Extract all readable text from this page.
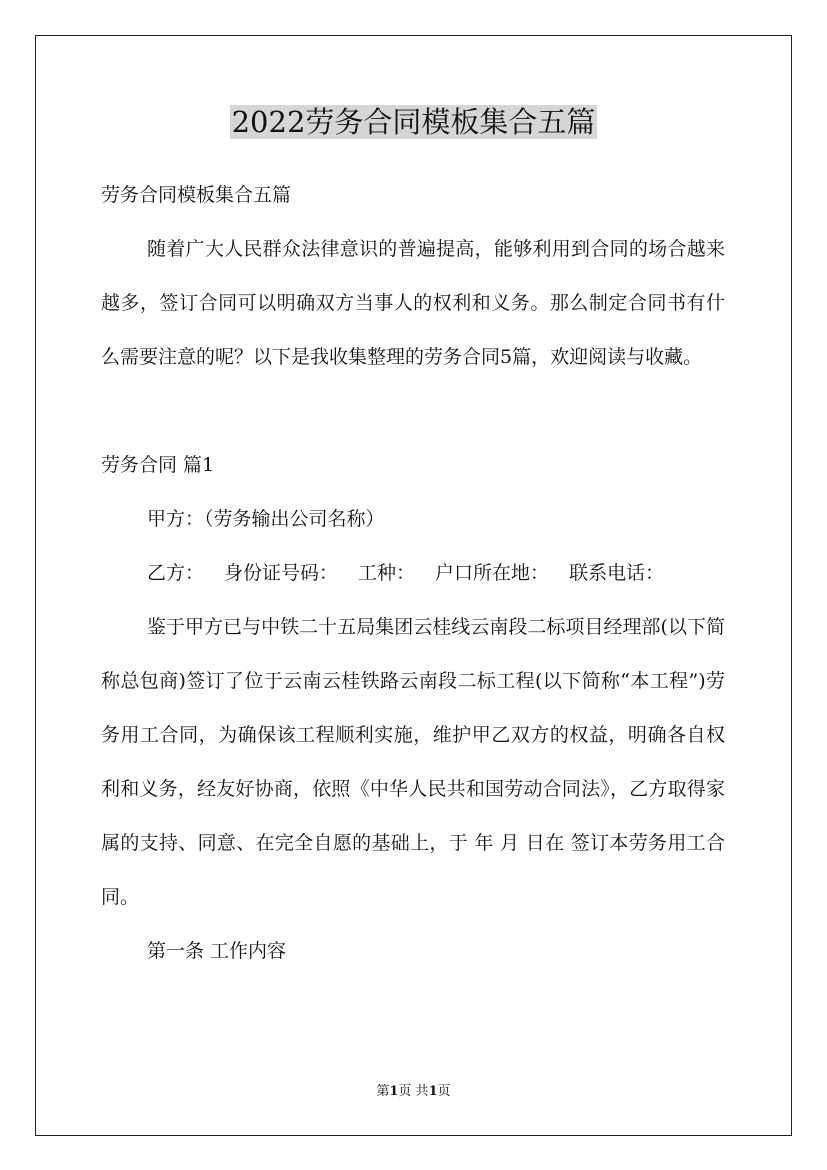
2022劳务合同模板集合五篇

劳务合同模板集合五篇

随着广大人民群众法律意识的普遍提高，能够利用到合同的场合越来越多，签订合同可以明确双方当事人的权利和义务。那么制定合同书有什么需要注意的呢？以下是我收集整理的劳务合同5篇，欢迎阅读与收藏。

劳务合同 篇1

甲方：（劳务输出公司名称）

乙方： 身份证号码： 工种： 户口所在地： 联系电话：

鉴于甲方已与中铁二十五局集团云桂线云南段二标项目经理部(以下简称总包商)签订了位于云南云桂铁路云南段二标工程(以下简称“本工程”)劳务用工合同，为确保该工程顺利实施，维护甲乙双方的权益，明确各自权利和义务，经友好协商，依照《中华人民共和国劳动合同法》，乙方取得家属的支持、同意、在完全自愿的基础上，于 年 月 日在 签订本劳务用工合同。

第一条 工作内容

第1页 共1页
